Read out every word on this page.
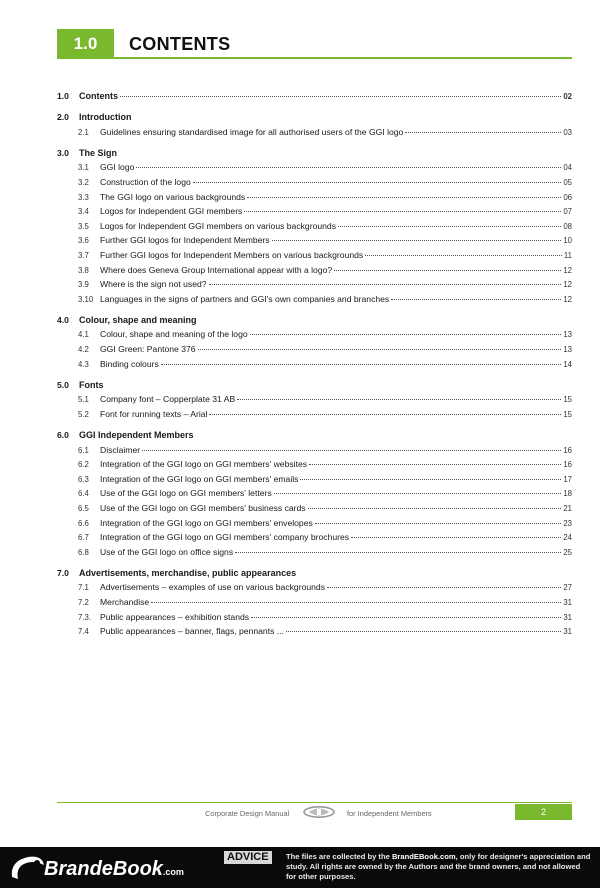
1.0	CONTENTS
1.0	Contents	02
2.0	Introduction
2.1	Guidelines ensuring standardised image for all authorised users of the GGI logo	03
3.0	The Sign
3.1	GGI logo	04
3.2	Construction of the logo	05
3.3	The GGI logo on various backgrounds	06
3.4	Logos for Independent GGI members	07
3.5	Logos for Independent GGI members on various backgrounds	08
3.6	Further GGI logos for Independent Members	10
3.7	Further GGI logos for Independent Members on various backgrounds	11
3.8	Where does Geneva Group International appear with a logo?	12
3.9	Where is the sign not used?	12
3.10 Languages in the signs of partners and GGI's own companies and branches	12
4.0	Colour, shape and meaning
4.1	Colour, shape and meaning of the logo	13
4.2	GGI Green: Pantone 376	13
4.3	Binding colours	14
5.0	Fonts
5.1	Company font – Copperplate 31 AB	15
5.2	Font for running texts – Arial	15
6.0	GGI Independent Members
6.1	Disclaimer	16
6.2	Integration of the GGI logo on GGI members' websites	16
6.3	Integration of the GGI logo on GGI members' emails	17
6.4	Use of the GGI logo on GGI members' letters	18
6.5	Use of the GGI logo on GGI members' business cards	21
6.6	Integration of the GGI logo on GGI members' envelopes	23
6.7	Integration of the GGI logo on GGI members' company brochures	24
6.8	Use of the GGI logo on office signs	25
7.0	Advertisements, merchandise, public appearances
7.1	Advertisements – examples of use on various backgrounds	27
7.2	Merchandise	31
7.3.	Public appearances – exhibition stands	31
7.4	Public appearances – banner, flags, pennants ...	31
Corporate Design Manual	for Independent Members	2
BrandeBook.com
ADVICE	The files are collected by the BrandEBook.com, only for designer's appreciation and study. All rights are owned by the Authors and the brand owners, and not allowed for other purposes.
